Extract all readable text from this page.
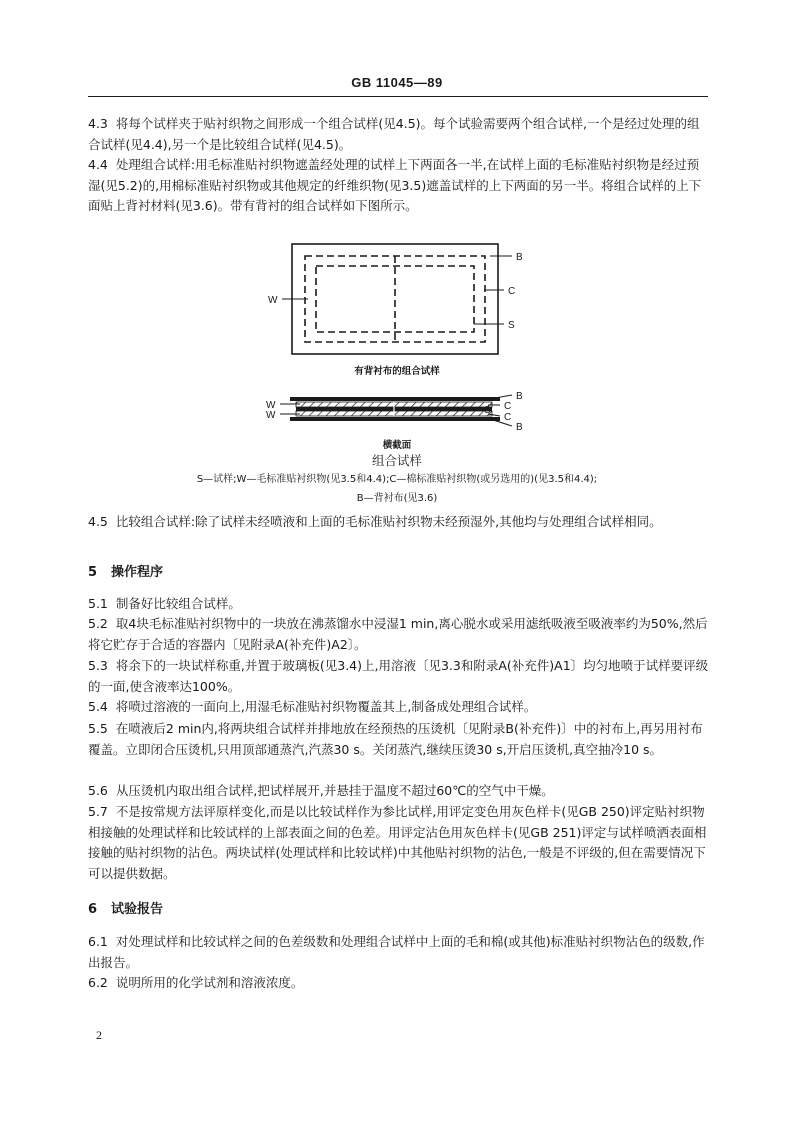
GB 11045—89

4.3 将每个试样夹于贴衬织物之间形成一个组合试样(见4.5)。每个试验需要两个组合试样,一个是经过处理的组合试样(见4.4),另一个是比较组合试样(见4.5)。

4.4 处理组合试样:用毛标准贴衬织物遮盖经处理的试样上下两面各一半,在试样上面的毛标准贴衬织物是经过预湿(见5.2)的,用棉标准贴衬织物或其他规定的纤维织物(见3.5)遮盖试样的上下两面的另一半。将组合试样的上下面贴上背衬材料(见3.6)。带有背衬的组合试样如下图所示。

B
C
S
W
有背衬布的组合试样
B
C
S
C
B
W
W
横截面
组合试样
S—试样;W—毛标准贴衬织物(见3.5和4.4);C—棉标准贴衬织物(或另选用的)(见3.5和4.4);
B—背衬布(见3.6)

4.5 比较组合试样:除了试样未经喷液和上面的毛标准贴衬织物未经预湿外,其他均与处理组合试样相同。

5 操作程序

5.1 制备好比较组合试样。

5.2 取4块毛标准贴衬织物中的一块放在沸蒸馏水中浸湿1 min,离心脱水或采用滤纸吸液至吸液率约为50%,然后将它贮存于合适的容器内〔见附录A(补充件)A2〕。

5.3 将余下的一块试样称重,并置于玻璃板(见3.4)上,用溶液〔见3.3和附录A(补充件)A1〕均匀地喷于试样要评级的一面,使含液率达100%。

5.4 将喷过溶液的一面向上,用湿毛标准贴衬织物覆盖其上,制备成处理组合试样。

5.5 在喷液后2 min内,将两块组合试样并排地放在经预热的压烫机〔见附录B(补充件)〕中的衬布上,再另用衬布覆盖。立即闭合压烫机,只用顶部通蒸汽,汽蒸30 s。关闭蒸汽,继续压烫30 s,开启压烫机,真空抽冷10 s。

5.6 从压烫机内取出组合试样,把试样展开,并悬挂于温度不超过60℃的空气中干燥。

5.7 不是按常规方法评原样变化,而是以比较试样作为参比试样,用评定变色用灰色样卡(见GB 250)评定贴衬织物相接触的处理试样和比较试样的上部表面之间的色差。用评定沾色用灰色样卡(见GB 251)评定与试样喷洒表面相接触的贴衬织物的沾色。两块试样(处理试样和比较试样)中其他贴衬织物的沾色,一般是不评级的,但在需要情况下可以提供数据。

6 试验报告

6.1 对处理试样和比较试样之间的色差级数和处理组合试样中上面的毛和棉(或其他)标准贴衬织物沾色的级数,作出报告。

6.2 说明所用的化学试剂和溶液浓度。

2
